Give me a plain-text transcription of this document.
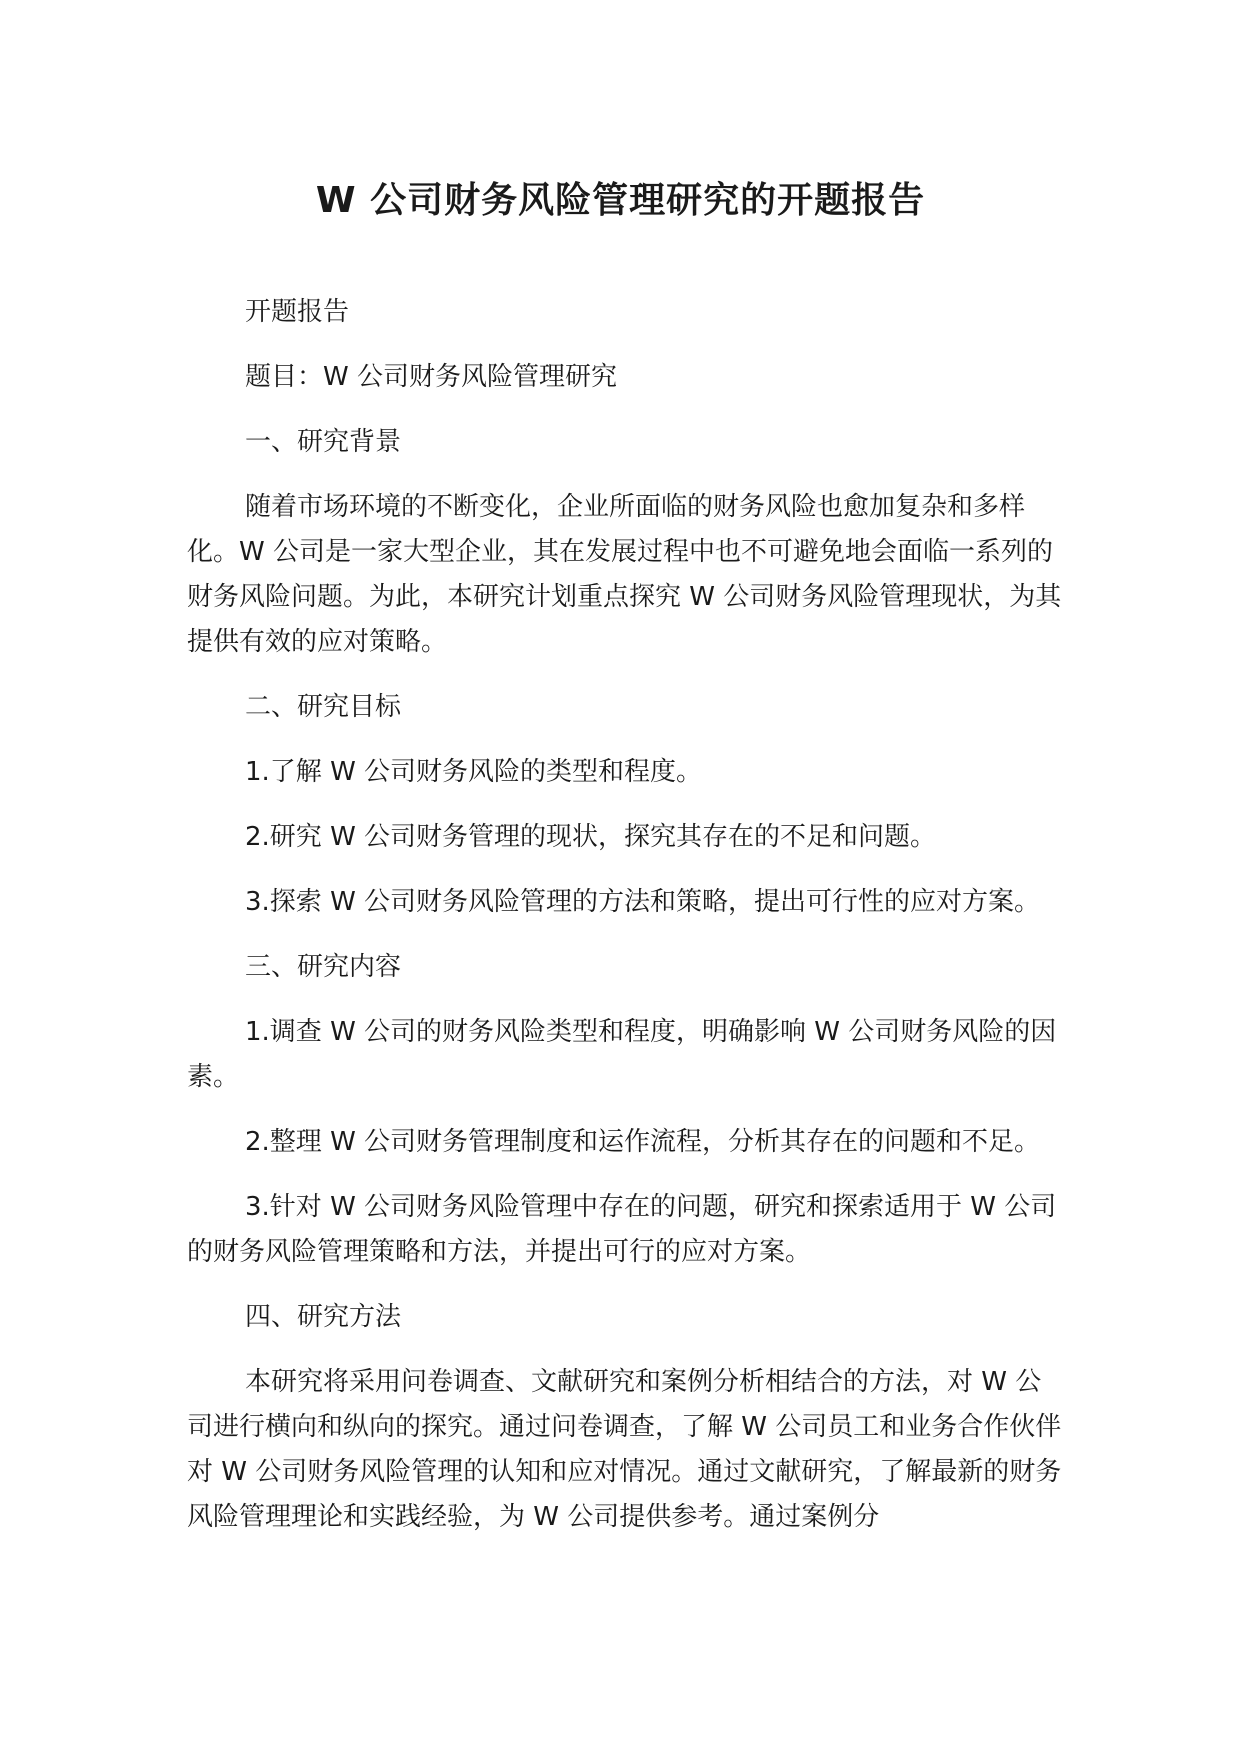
W 公司财务风险管理研究的开题报告

开题报告

题目：W 公司财务风险管理研究

一、研究背景

随着市场环境的不断变化，企业所面临的财务风险也愈加复杂和多样化。W 公司是一家大型企业，其在发展过程中也不可避免地会面临一系列的财务风险问题。为此，本研究计划重点探究 W 公司财务风险管理现状，为其提供有效的应对策略。

二、研究目标

1.了解 W 公司财务风险的类型和程度。

2.研究 W 公司财务管理的现状，探究其存在的不足和问题。

3.探索 W 公司财务风险管理的方法和策略，提出可行性的应对方案。

三、研究内容

1.调查 W 公司的财务风险类型和程度，明确影响 W 公司财务风险的因素。

2.整理 W 公司财务管理制度和运作流程，分析其存在的问题和不足。

3.针对 W 公司财务风险管理中存在的问题，研究和探索适用于 W 公司的财务风险管理策略和方法，并提出可行的应对方案。

四、研究方法

本研究将采用问卷调查、文献研究和案例分析相结合的方法，对 W 公司进行横向和纵向的探究。通过问卷调查，了解 W 公司员工和业务合作伙伴对 W 公司财务风险管理的认知和应对情况。通过文献研究，了解最新的财务风险管理理论和实践经验，为 W 公司提供参考。通过案例分
